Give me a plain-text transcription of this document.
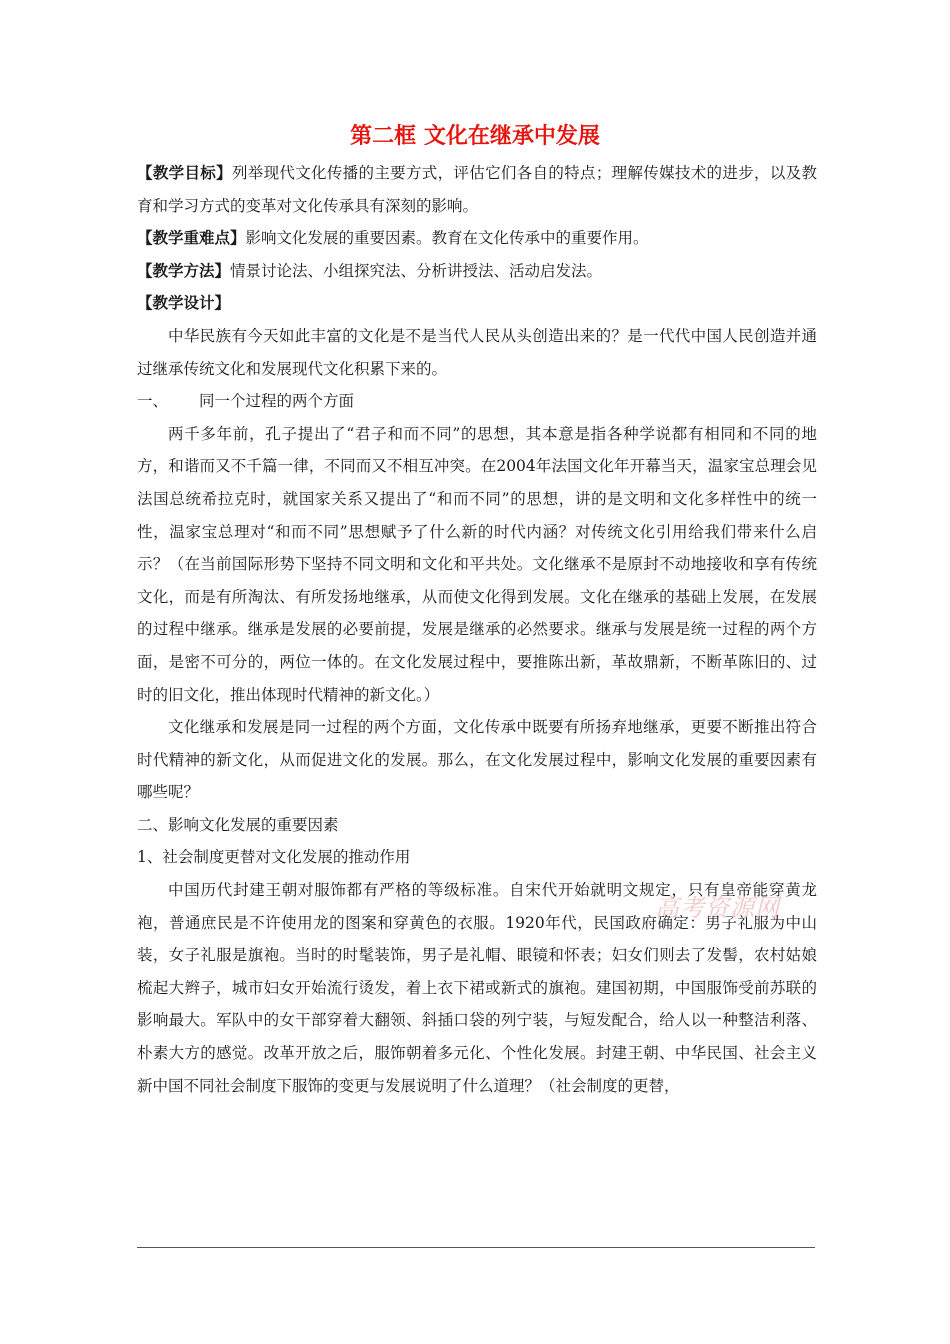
第二框 文化在继承中发展

【教学目标】列举现代文化传播的主要方式，评估它们各自的特点；理解传媒技术的进步，以及教育和学习方式的变革对文化传承具有深刻的影响。

【教学重难点】影响文化发展的重要因素。教育在文化传承中的重要作用。

【教学方法】情景讨论法、小组探究法、分析讲授法、活动启发法。

【教学设计】

中华民族有今天如此丰富的文化是不是当代人民从头创造出来的？是一代代中国人民创造并通过继承传统文化和发展现代文化积累下来的。

一、 同一个过程的两个方面

两千多年前，孔子提出了“君子和而不同”的思想，其本意是指各种学说都有相同和不同的地方，和谐而又不千篇一律，不同而又不相互冲突。在2004年法国文化年开幕当天，温家宝总理会见法国总统希拉克时，就国家关系又提出了“和而不同”的思想，讲的是文明和文化多样性中的统一性，温家宝总理对“和而不同”思想赋予了什么新的时代内涵？对传统文化引用给我们带来什么启示？（在当前国际形势下坚持不同文明和文化和平共处。文化继承不是原封不动地接收和享有传统文化，而是有所淘汰、有所发扬地继承，从而使文化得到发展。文化在继承的基础上发展，在发展的过程中继承。继承是发展的必要前提，发展是继承的必然要求。继承与发展是统一过程的两个方面，是密不可分的，两位一体的。在文化发展过程中，要推陈出新，革故鼎新，不断革陈旧的、过时的旧文化，推出体现时代精神的新文化。）

文化继承和发展是同一过程的两个方面，文化传承中既要有所扬弃地继承，更要不断推出符合时代精神的新文化，从而促进文化的发展。那么，在文化发展过程中，影响文化发展的重要因素有哪些呢？

二、影响文化发展的重要因素

1、社会制度更替对文化发展的推动作用

中国历代封建王朝对服饰都有严格的等级标准。自宋代开始就明文规定，只有皇帝能穿黄龙袍，普通庶民是不许使用龙的图案和穿黄色的衣服。1920年代，民国政府确定：男子礼服为中山装，女子礼服是旗袍。当时的时髦装饰，男子是礼帽、眼镜和怀表；妇女们则去了发髻，农村姑娘梳起大辫子，城市妇女开始流行烫发，着上衣下裙或新式的旗袍。建国初期，中国服饰受前苏联的影响最大。军队中的女干部穿着大翻领、斜插口袋的列宁装，与短发配合，给人以一种整洁利落、朴素大方的感觉。改革开放之后，服饰朝着多元化、个性化发展。封建王朝、中华民国、社会主义新中国不同社会制度下服饰的变更与发展说明了什么道理？（社会制度的更替，

高考资源网
